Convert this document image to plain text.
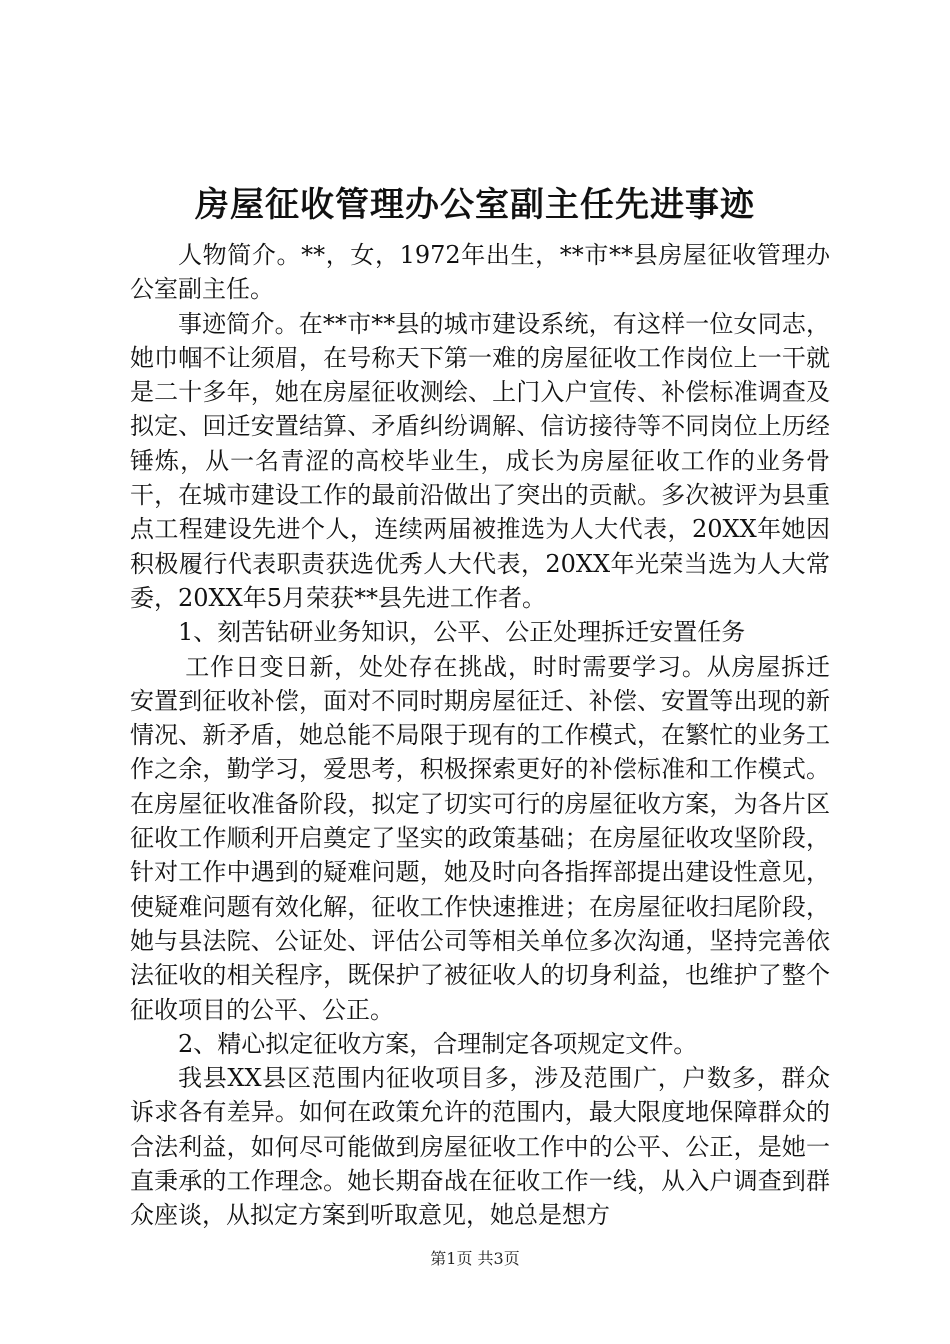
房屋征收管理办公室副主任先进事迹

人物简介。**，女，1972年出生，**市**县房屋征收管理办公室副主任。

事迹简介。在**市**县的城市建设系统，有这样一位女同志，她巾帼不让须眉，在号称天下第一难的房屋征收工作岗位上一干就是二十多年，她在房屋征收测绘、上门入户宣传、补偿标准调查及拟定、回迁安置结算、矛盾纠纷调解、信访接待等不同岗位上历经锤炼，从一名青涩的高校毕业生，成长为房屋征收工作的业务骨干，在城市建设工作的最前沿做出了突出的贡献。多次被评为县重点工程建设先进个人，连续两届被推选为人大代表，20XX年她因积极履行代表职责获选优秀人大代表，20XX年光荣当选为人大常委，20XX年5月荣获**县先进工作者。

1、刻苦钻研业务知识，公平、公正处理拆迁安置任务

工作日变日新，处处存在挑战，时时需要学习。从房屋拆迁安置到征收补偿，面对不同时期房屋征迁、补偿、安置等出现的新情况、新矛盾，她总能不局限于现有的工作模式，在繁忙的业务工作之余，勤学习，爱思考，积极探索更好的补偿标准和工作模式。在房屋征收准备阶段，拟定了切实可行的房屋征收方案，为各片区征收工作顺利开启奠定了坚实的政策基础；在房屋征收攻坚阶段，针对工作中遇到的疑难问题，她及时向各指挥部提出建设性意见，使疑难问题有效化解，征收工作快速推进；在房屋征收扫尾阶段，她与县法院、公证处、评估公司等相关单位多次沟通，坚持完善依法征收的相关程序，既保护了被征收人的切身利益，也维护了整个征收项目的公平、公正。

2、精心拟定征收方案，合理制定各项规定文件。

我县XX县区范围内征收项目多，涉及范围广，户数多，群众诉求各有差异。如何在政策允许的范围内，最大限度地保障群众的合法利益，如何尽可能做到房屋征收工作中的公平、公正，是她一直秉承的工作理念。她长期奋战在征收工作一线，从入户调查到群众座谈，从拟定方案到听取意见，她总是想方

第1页 共3页
